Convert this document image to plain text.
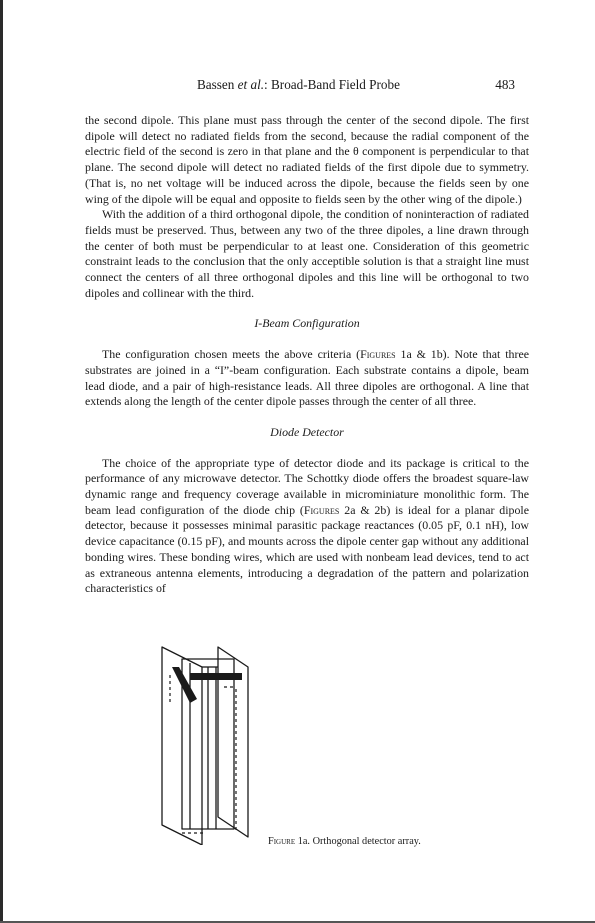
Bassen et al.: Broad-Band Field Probe	483

the second dipole. This plane must pass through the center of the second dipole. The first dipole will detect no radiated fields from the second, because the radial component of the electric field of the second is zero in that plane and the θ component is perpendicular to that plane. The second dipole will detect no radiated fields of the first dipole due to symmetry. (That is, no net voltage will be induced across the dipole, because the fields seen by one wing of the dipole will be equal and opposite to fields seen by the other wing of the dipole.)

With the addition of a third orthogonal dipole, the condition of noninteraction of radiated fields must be preserved. Thus, between any two of the three dipoles, a line drawn through the center of both must be perpendicular to at least one. Consideration of this geometric constraint leads to the conclusion that the only acceptible solution is that a straight line must connect the centers of all three orthogonal dipoles and this line will be orthogonal to two dipoles and collinear with the third.

I-Beam Configuration

The configuration chosen meets the above criteria (Figures 1a & 1b). Note that three substrates are joined in a “I”-beam configuration. Each substrate contains a dipole, beam lead diode, and a pair of high-resistance leads. All three dipoles are orthogonal. A line that extends along the length of the center dipole passes through the center of all three.

Diode Detector

The choice of the appropriate type of detector diode and its package is critical to the performance of any microwave detector. The Schottky diode offers the broadest square-law dynamic range and frequency coverage available in microminiature monolithic form. The beam lead configuration of the diode chip (Figures 2a & 2b) is ideal for a planar dipole detector, because it possesses minimal parasitic package reactances (0.05 pF, 0.1 nH), low device capacitance (0.15 pF), and mounts across the dipole center gap without any additional bonding wires. These bonding wires, which are used with nonbeam lead devices, tend to act as extraneous antenna elements, introducing a degradation of the pattern and polarization characteristics of

Figure 1a. Orthogonal detector array.
